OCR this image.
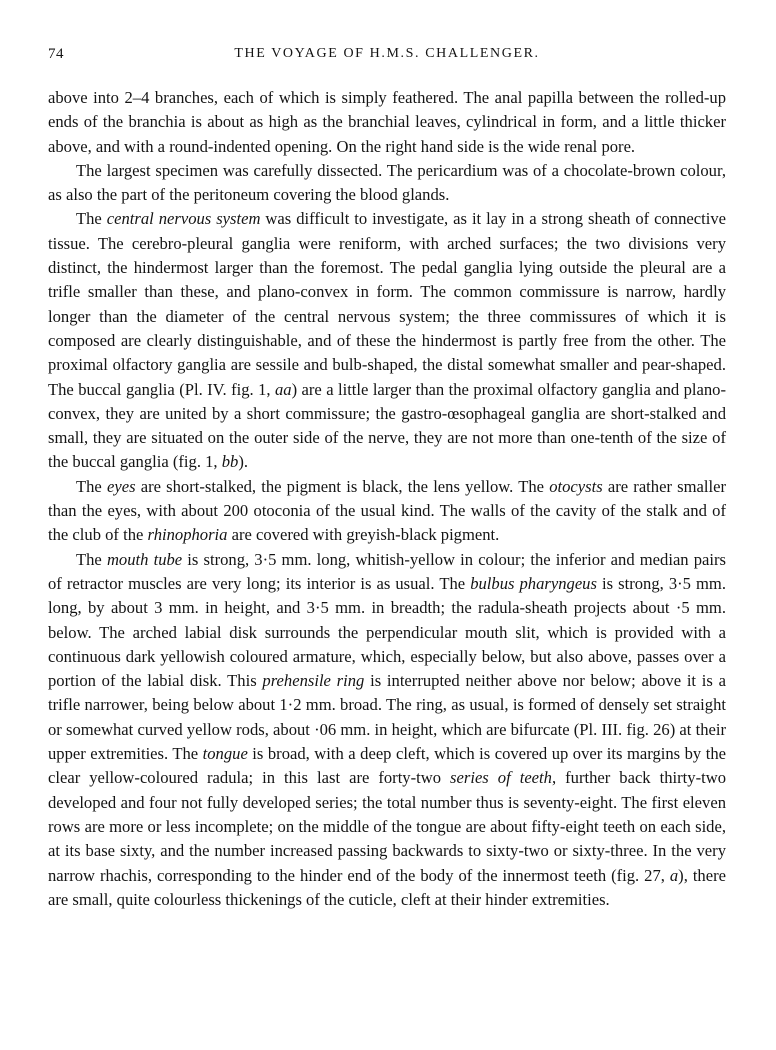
74	THE VOYAGE OF H.M.S. CHALLENGER.

above into 2–4 branches, each of which is simply feathered. The anal papilla between the rolled-up ends of the branchia is about as high as the branchial leaves, cylindrical in form, and a little thicker above, and with a round-indented opening. On the right hand side is the wide renal pore.

The largest specimen was carefully dissected. The pericardium was of a chocolate-brown colour, as also the part of the peritoneum covering the blood glands.

The central nervous system was difficult to investigate, as it lay in a strong sheath of connective tissue. The cerebro-pleural ganglia were reniform, with arched surfaces; the two divisions very distinct, the hindermost larger than the foremost. The pedal ganglia lying outside the pleural are a trifle smaller than these, and plano-convex in form. The common commissure is narrow, hardly longer than the diameter of the central nervous system; the three commissures of which it is composed are clearly distinguishable, and of these the hindermost is partly free from the other. The proximal olfactory ganglia are sessile and bulb-shaped, the distal somewhat smaller and pear-shaped. The buccal ganglia (Pl. IV. fig. 1, aa) are a little larger than the proximal olfactory ganglia and plano-convex, they are united by a short commissure; the gastro-œsophageal ganglia are short-stalked and small, they are situated on the outer side of the nerve, they are not more than one-tenth of the size of the buccal ganglia (fig. 1, bb).

The eyes are short-stalked, the pigment is black, the lens yellow. The otocysts are rather smaller than the eyes, with about 200 otoconia of the usual kind. The walls of the cavity of the stalk and of the club of the rhinophoria are covered with greyish-black pigment.

The mouth tube is strong, 3·5 mm. long, whitish-yellow in colour; the inferior and median pairs of retractor muscles are very long; its interior is as usual. The bulbus pharyngeus is strong, 3·5 mm. long, by about 3 mm. in height, and 3·5 mm. in breadth; the radula-sheath projects about ·5 mm. below. The arched labial disk surrounds the perpendicular mouth slit, which is provided with a continuous dark yellowish coloured armature, which, especially below, but also above, passes over a portion of the labial disk. This prehensile ring is interrupted neither above nor below; above it is a trifle narrower, being below about 1·2 mm. broad. The ring, as usual, is formed of densely set straight or somewhat curved yellow rods, about ·06 mm. in height, which are bifurcate (Pl. III. fig. 26) at their upper extremities. The tongue is broad, with a deep cleft, which is covered up over its margins by the clear yellow-coloured radula; in this last are forty-two series of teeth, further back thirty-two developed and four not fully developed series; the total number thus is seventy-eight. The first eleven rows are more or less incomplete; on the middle of the tongue are about fifty-eight teeth on each side, at its base sixty, and the number increased passing backwards to sixty-two or sixty-three. In the very narrow rhachis, corresponding to the hinder end of the body of the innermost teeth (fig. 27, a), there are small, quite colourless thickenings of the cuticle, cleft at their hinder extremities.
